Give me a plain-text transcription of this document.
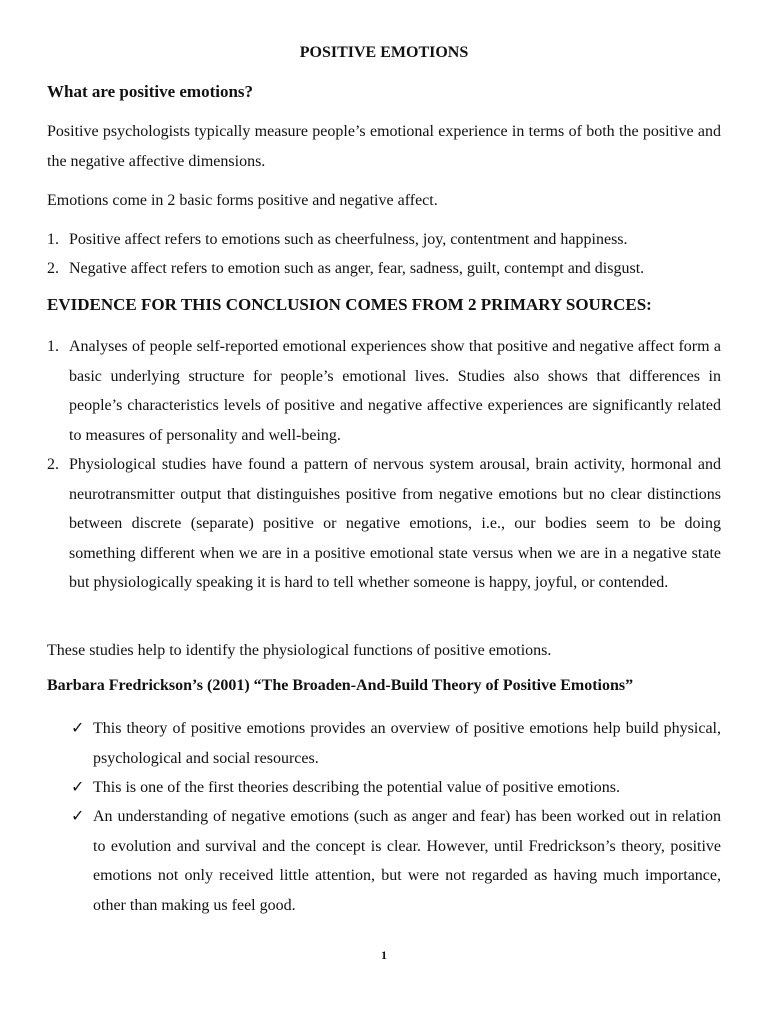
POSITIVE EMOTIONS
What are positive emotions?
Positive psychologists typically measure people’s emotional experience in terms of both the positive and the negative affective dimensions.
Emotions come in 2 basic forms positive and negative affect.
1. Positive affect refers to emotions such as cheerfulness, joy, contentment and happiness.
2. Negative affect refers to emotion such as anger, fear, sadness, guilt, contempt and disgust.
EVIDENCE FOR THIS CONCLUSION COMES FROM 2 PRIMARY SOURCES:
1. Analyses of people self-reported emotional experiences show that positive and negative affect form a basic underlying structure for people’s emotional lives. Studies also shows that differences in people’s characteristics levels of positive and negative affective experiences are significantly related to measures of personality and well-being.
2. Physiological studies have found a pattern of nervous system arousal, brain activity, hormonal and neurotransmitter output that distinguishes positive from negative emotions but no clear distinctions between discrete (separate) positive or negative emotions, i.e., our bodies seem to be doing something different when we are in a positive emotional state versus when we are in a negative state but physiologically speaking it is hard to tell whether someone is happy, joyful, or contended.
These studies help to identify the physiological functions of positive emotions.
Barbara Fredrickson’s (2001) “The Broaden-And-Build Theory of Positive Emotions”
✓ This theory of positive emotions provides an overview of positive emotions help build physical, psychological and social resources.
✓ This is one of the first theories describing the potential value of positive emotions.
✓ An understanding of negative emotions (such as anger and fear) has been worked out in relation to evolution and survival and the concept is clear. However, until Fredrickson’s theory, positive emotions not only received little attention, but were not regarded as having much importance, other than making us feel good.
1
